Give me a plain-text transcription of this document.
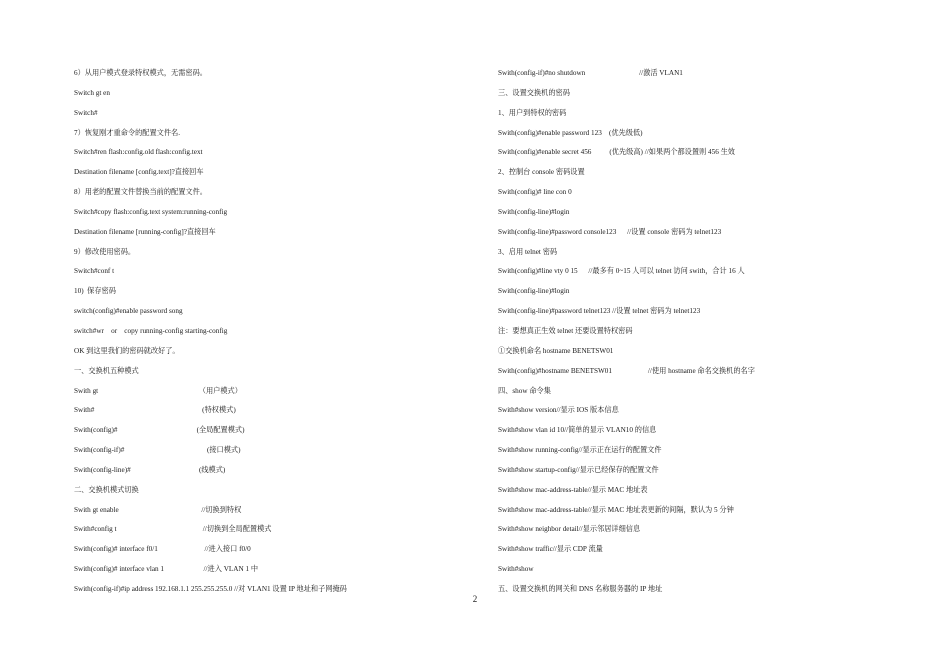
6）从用户模式登录特权模式，无需密码。
Switch gt en
Switch#
7）恢复刚才重命令的配置文件名.
Switch#ren flash:config.old flash:config.text
Destination filename [config.text]?直接回车
8）用老的配置文件替换当前的配置文件。
Switch#copy flash:config.text system:running-config
Destination filename [running-config]?直接回车
9）修改使用密码。
Switch#conf t
10)  保存密码
switch(config)#enable password song
switch#wr    or    copy running-config starting-config
OK 到这里我们的密码就改好了。
一、交换机五种模式
Swith gt                                                        （用户模式）
Swith#                                                            (特权模式)
Swith(config)#                                            (全局配置模式)
Swith(config-if)#                                              (接口模式)
Swith(config-line)#                                      (线模式)
二、交换机模式切换
Swith gt enable                                              //切换到特权
Swith#config t                                                //切换到全局配置模式
Swith(config)# interface f0/1                          //进入接口 f0/0
Swith(config)# interface vlan 1                      //进入 VLAN 1 中
Swith(config-if)#ip address 192.168.1.1 255.255.255.0 //对 VLAN1 设置 IP 地址和子网掩码
Swith(config-if)#no shutdown                              //激活 VLAN1
三、设置交换机的密码
1、用户到特权的密码
Swith(config)#enable password 123    (优先级低)
Swith(config)#enable secret 456          (优先级高) //如果两个都设置则 456 生效
2、控制台 console 密码设置
Swith(config)# line con 0
Swith(config-line)#login
Swith(config-line)#password console123      //设置 console 密码为 telnet123
3、启用 telnet 密码
Swith(config)#line vty 0 15      //最多有 0~15 人可以 telnet 访问 swith，合计 16 人
Swith(config-line)#login
Swith(config-line)#password telnet123 //设置 telnet 密码为 telnet123
注：要想真正生效 telnet 还要设置特权密码
①交换机命名 hostname BENETSW01
Swith(config)#hostname BENETSW01                    //使用 hostname 命名交换机的名字
四、show 命令集
Swith#show version//显示 IOS 版本信息
Swith#show vlan id 10//简单的显示 VLAN10 的信息
Swith#show running-config//显示正在运行的配置文件
Swith#show startup-config//显示已经保存的配置文件
Swith#show mac-address-table//显示 MAC 地址表
Swith#show mac-address-table//显示 MAC 地址表更新的间隔，默认为 5 分钟
Swith#show neighbor detail//显示邻居详细信息
Swith#show traffic//显示 CDP 流量
Swith#show
五、设置交换机的网关和 DNS 名称服务器的 IP 地址
2
